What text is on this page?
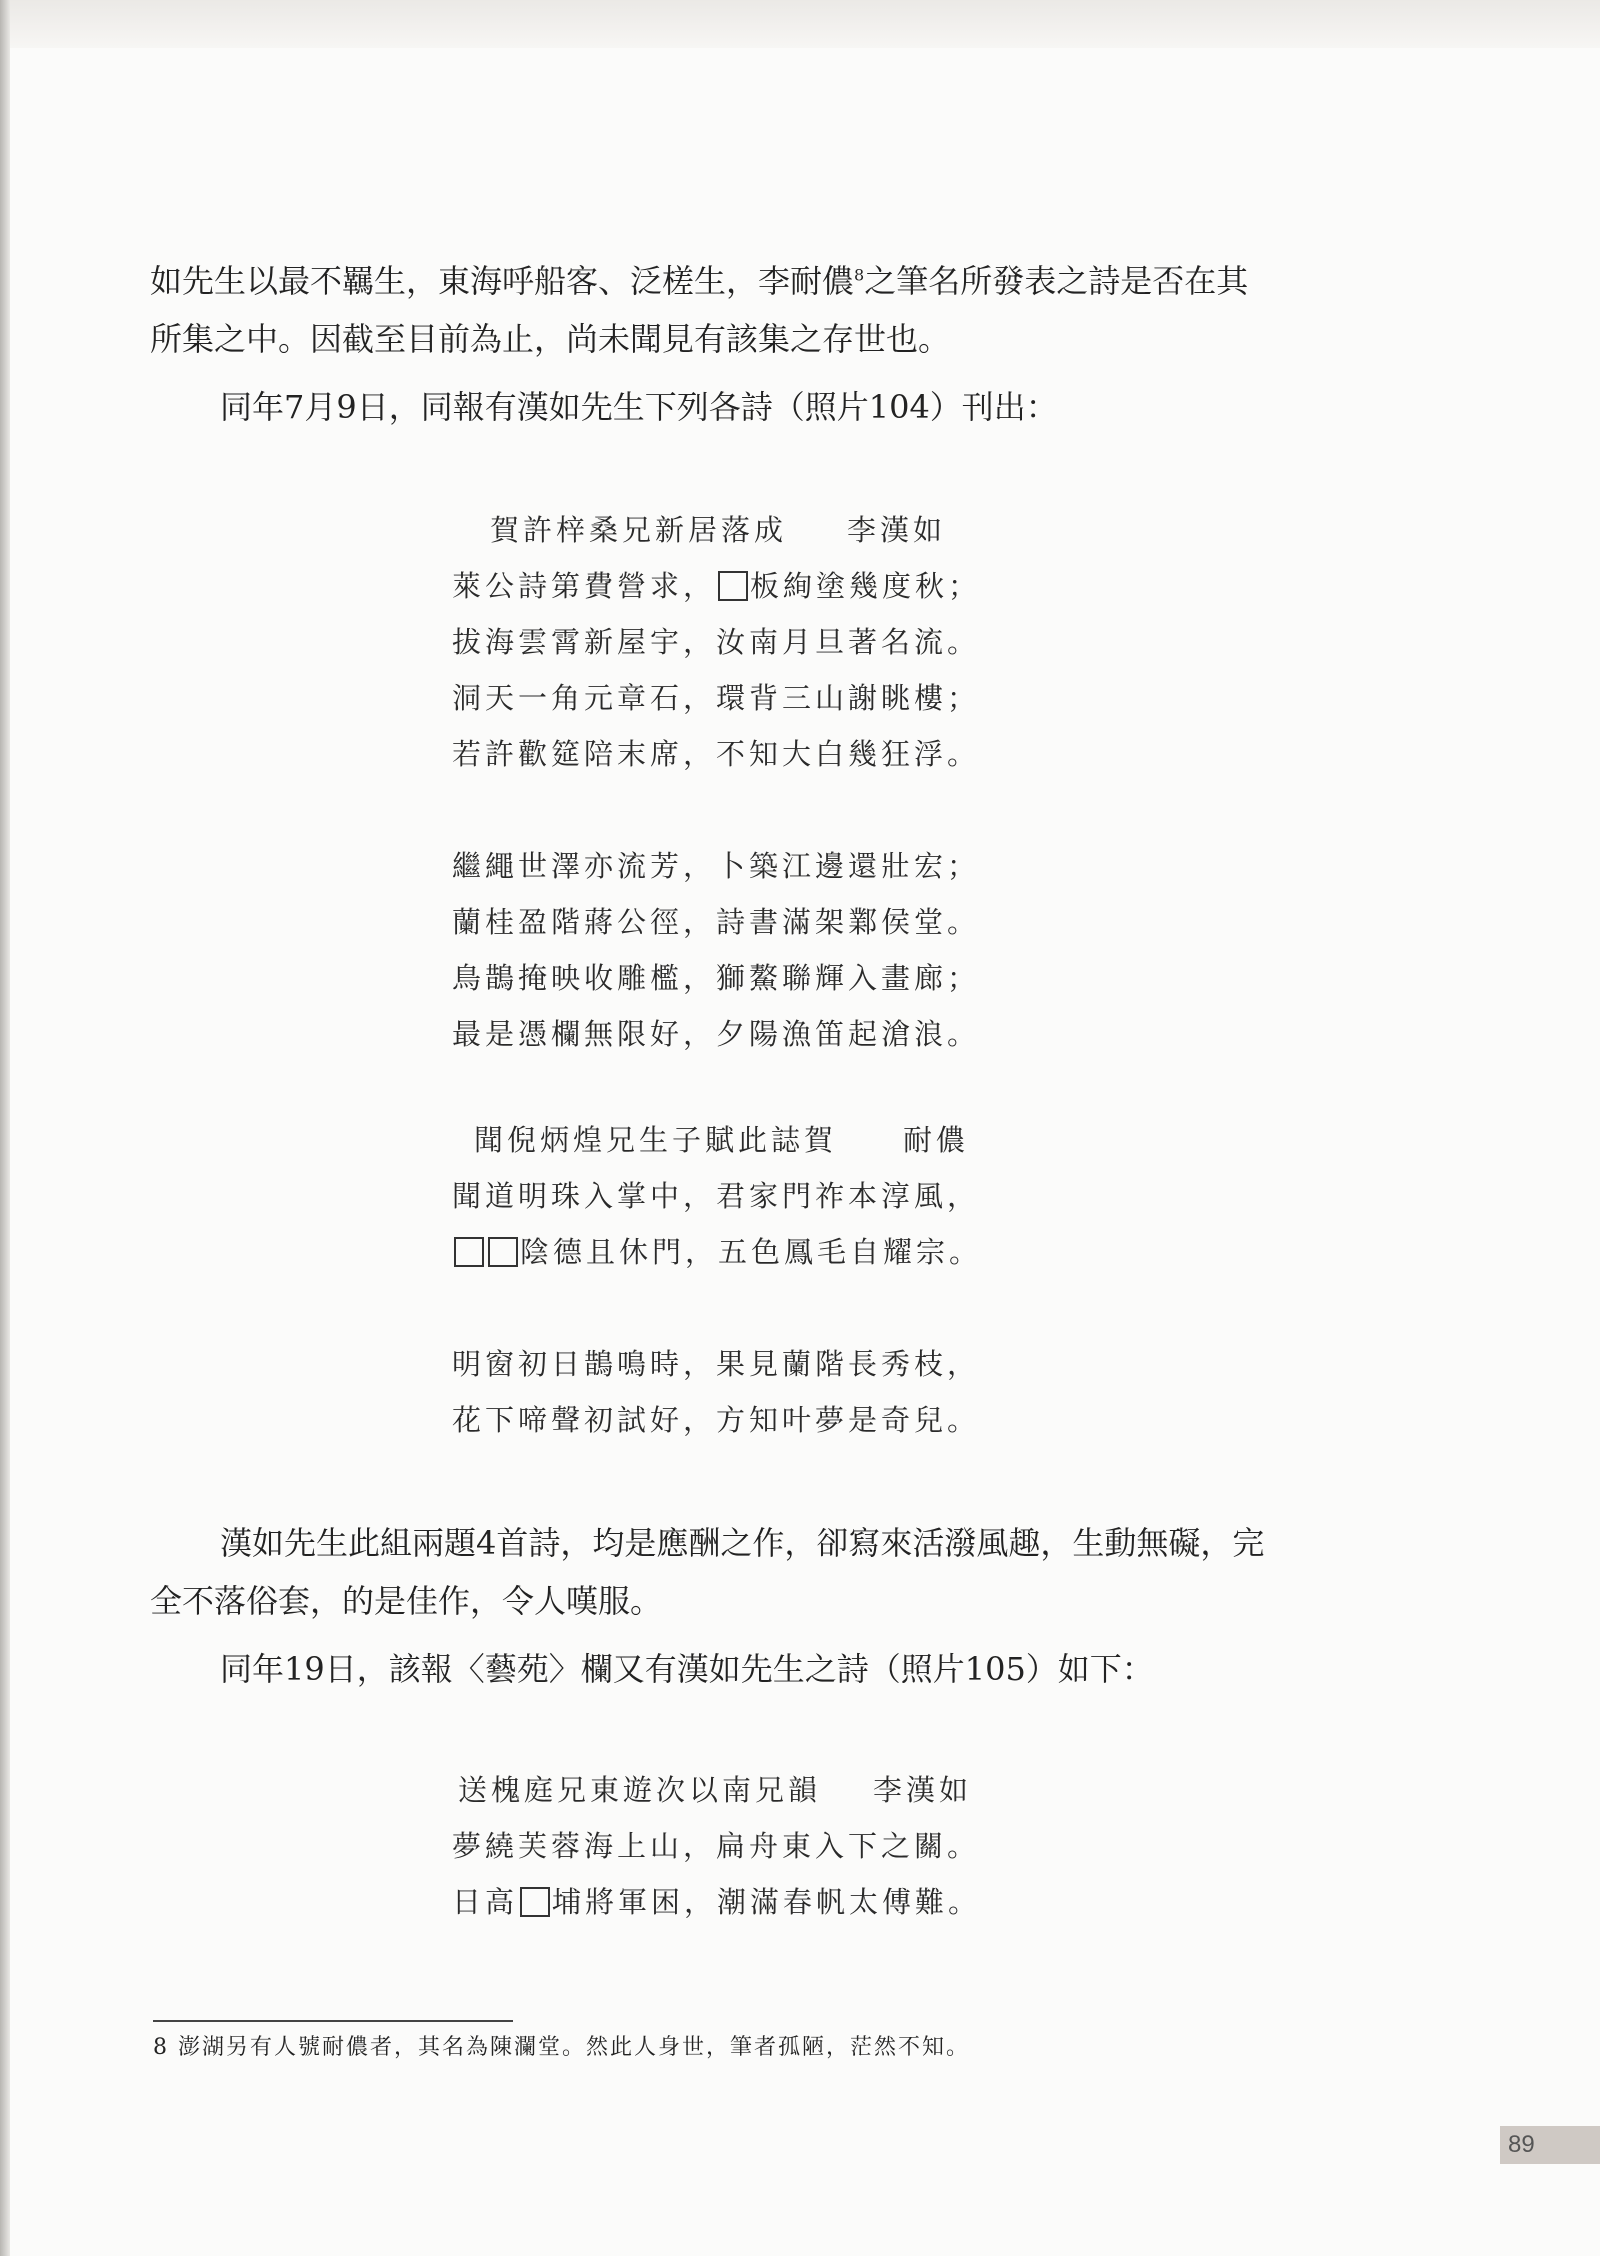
如先生以最不羈生，東海呼船客、泛槎生，李耐儂$^8$之筆名所發表之詩是否在其
所集之中。因截至目前為止，尚未聞見有該集之存世也。
同年7月9日，同報有漢如先生下列各詩（照片104）刊出：
賀許梓桑兄新居落成 李漢如
萊公詩第費營求， 板絢塗幾度秋；
拔海雲霄新屋宇，汝南月旦著名流。
洞天一角元章石，環背三山謝眺樓；
若許歡筵陪末席，不知大白幾狂浮。
繼繩世澤亦流芳，卜築江邊還壯宏；
蘭桂盈階蔣公徑，詩書滿架鄴侯堂。
鳥鵲掩映收雕檻，獅鰲聯輝入畫廊；
最是憑欄無限好，夕陽漁笛起滄浪。
聞倪炳煌兄生子賦此誌賀 耐儂
聞道明珠入掌中，君家門祚本淳風，
陰德且休門，五色鳳毛自耀宗。
明窗初日鵲鳴時，果見蘭階長秀枝，
花下啼聲初試好，方知叶夢是奇兒。
漢如先生此組兩題4首詩，均是應酬之作，卻寫來活潑風趣，生動無礙，完
全不落俗套，的是佳作，令人嘆服。
同年19日，該報〈藝苑〉欄又有漢如先生之詩（照片105）如下：
送槐庭兄東遊次以南兄韻 李漢如
夢繞芙蓉海上山，扁舟東入下之關。
日高 埔將軍困，潮滿春帆太傅難。
8 澎湖另有人號耐儂者，其名為陳瀾堂。然此人身世，筆者孤陋，茫然不知。
89
